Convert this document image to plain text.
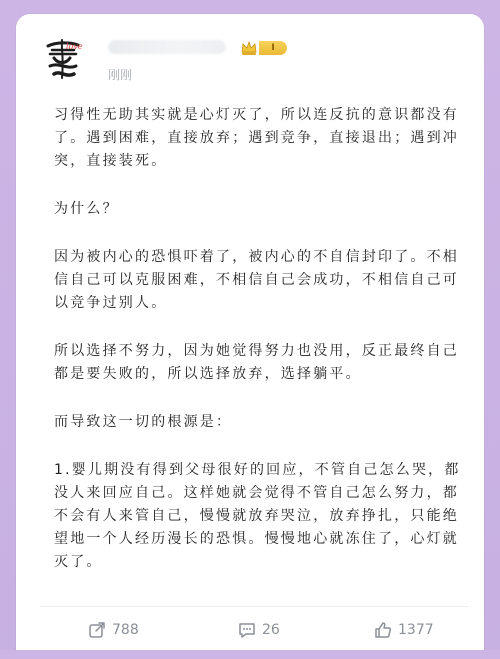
love	I
刚刚

习得性无助其实就是心灯灭了，所以连反抗的意识都没有了。遇到困难，直接放弃；遇到竞争，直接退出；遇到冲突，直接装死。

为什么？

因为被内心的恐惧吓着了，被内心的不自信封印了。不相信自己可以克服困难，不相信自己会成功，不相信自己可以竞争过别人。

所以选择不努力，因为她觉得努力也没用，反正最终自己都是要失败的，所以选择放弃，选择躺平。

而导致这一切的根源是：

1.婴儿期没有得到父母很好的回应，不管自己怎么哭，都没人来回应自己。这样她就会觉得不管自己怎么努力，都不会有人来管自己，慢慢就放弃哭泣，放弃挣扎，只能绝望地一个人经历漫长的恐惧。慢慢地心就冻住了，心灯就灭了。

788	26	1377
